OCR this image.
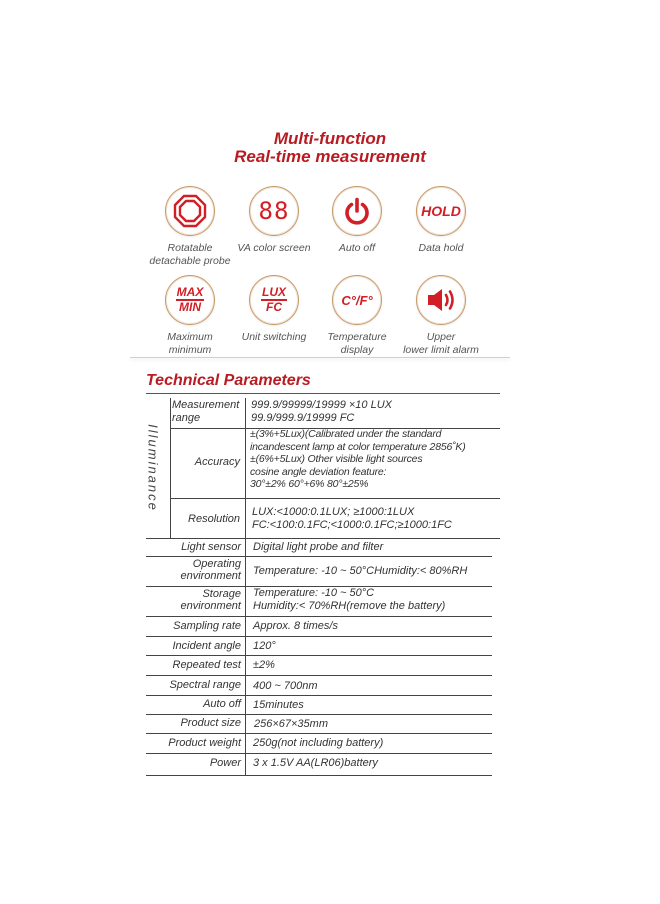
Multi-function
Real-time measurement
Rotatable
detachable probe
88
VA color screen	Auto off
HOLD
Data hold
MAX
MIN
Maximum
minimum
LUX
FC
Unit switching
C°/F°
Temperature
display
Upper
lower limit alarm
Technical Parameters
Illuminance
Measurement
range
999.9/99999/19999 ×10 LUX
99.9/999.9/19999 FC
Accuracy
±(3%+5Lux)(Calibrated under the standard
incandescent lamp at color temperature 2856˚K)
±(6%+5Lux) Other visible light sources
cosine angle deviation feature:
30°±2% 60°+6% 80°±25%
Resolution
LUX:<1000:0.1LUX; ≥1000:1LUX
FC:<100:0.1FC;<1000:0.1FC;≥1000:1FC
Light sensor Digital light probe and filter
Operating
environment Temperature: -10 ~ 50°CHumidity:< 80%RH
Storage
environment
Temperature: -10 ~ 50°C
Humidity:< 70%RH(remove the battery)
Sampling rate Approx. 8 times/s
Incident angle 120°
Repeated test ±2%
Spectral range 400 ~ 700nm
Auto off 15minutes
Product size 256×67×35mm
Product weight 250g(not including battery)
Power 3 x 1.5V AA(LR06)battery
